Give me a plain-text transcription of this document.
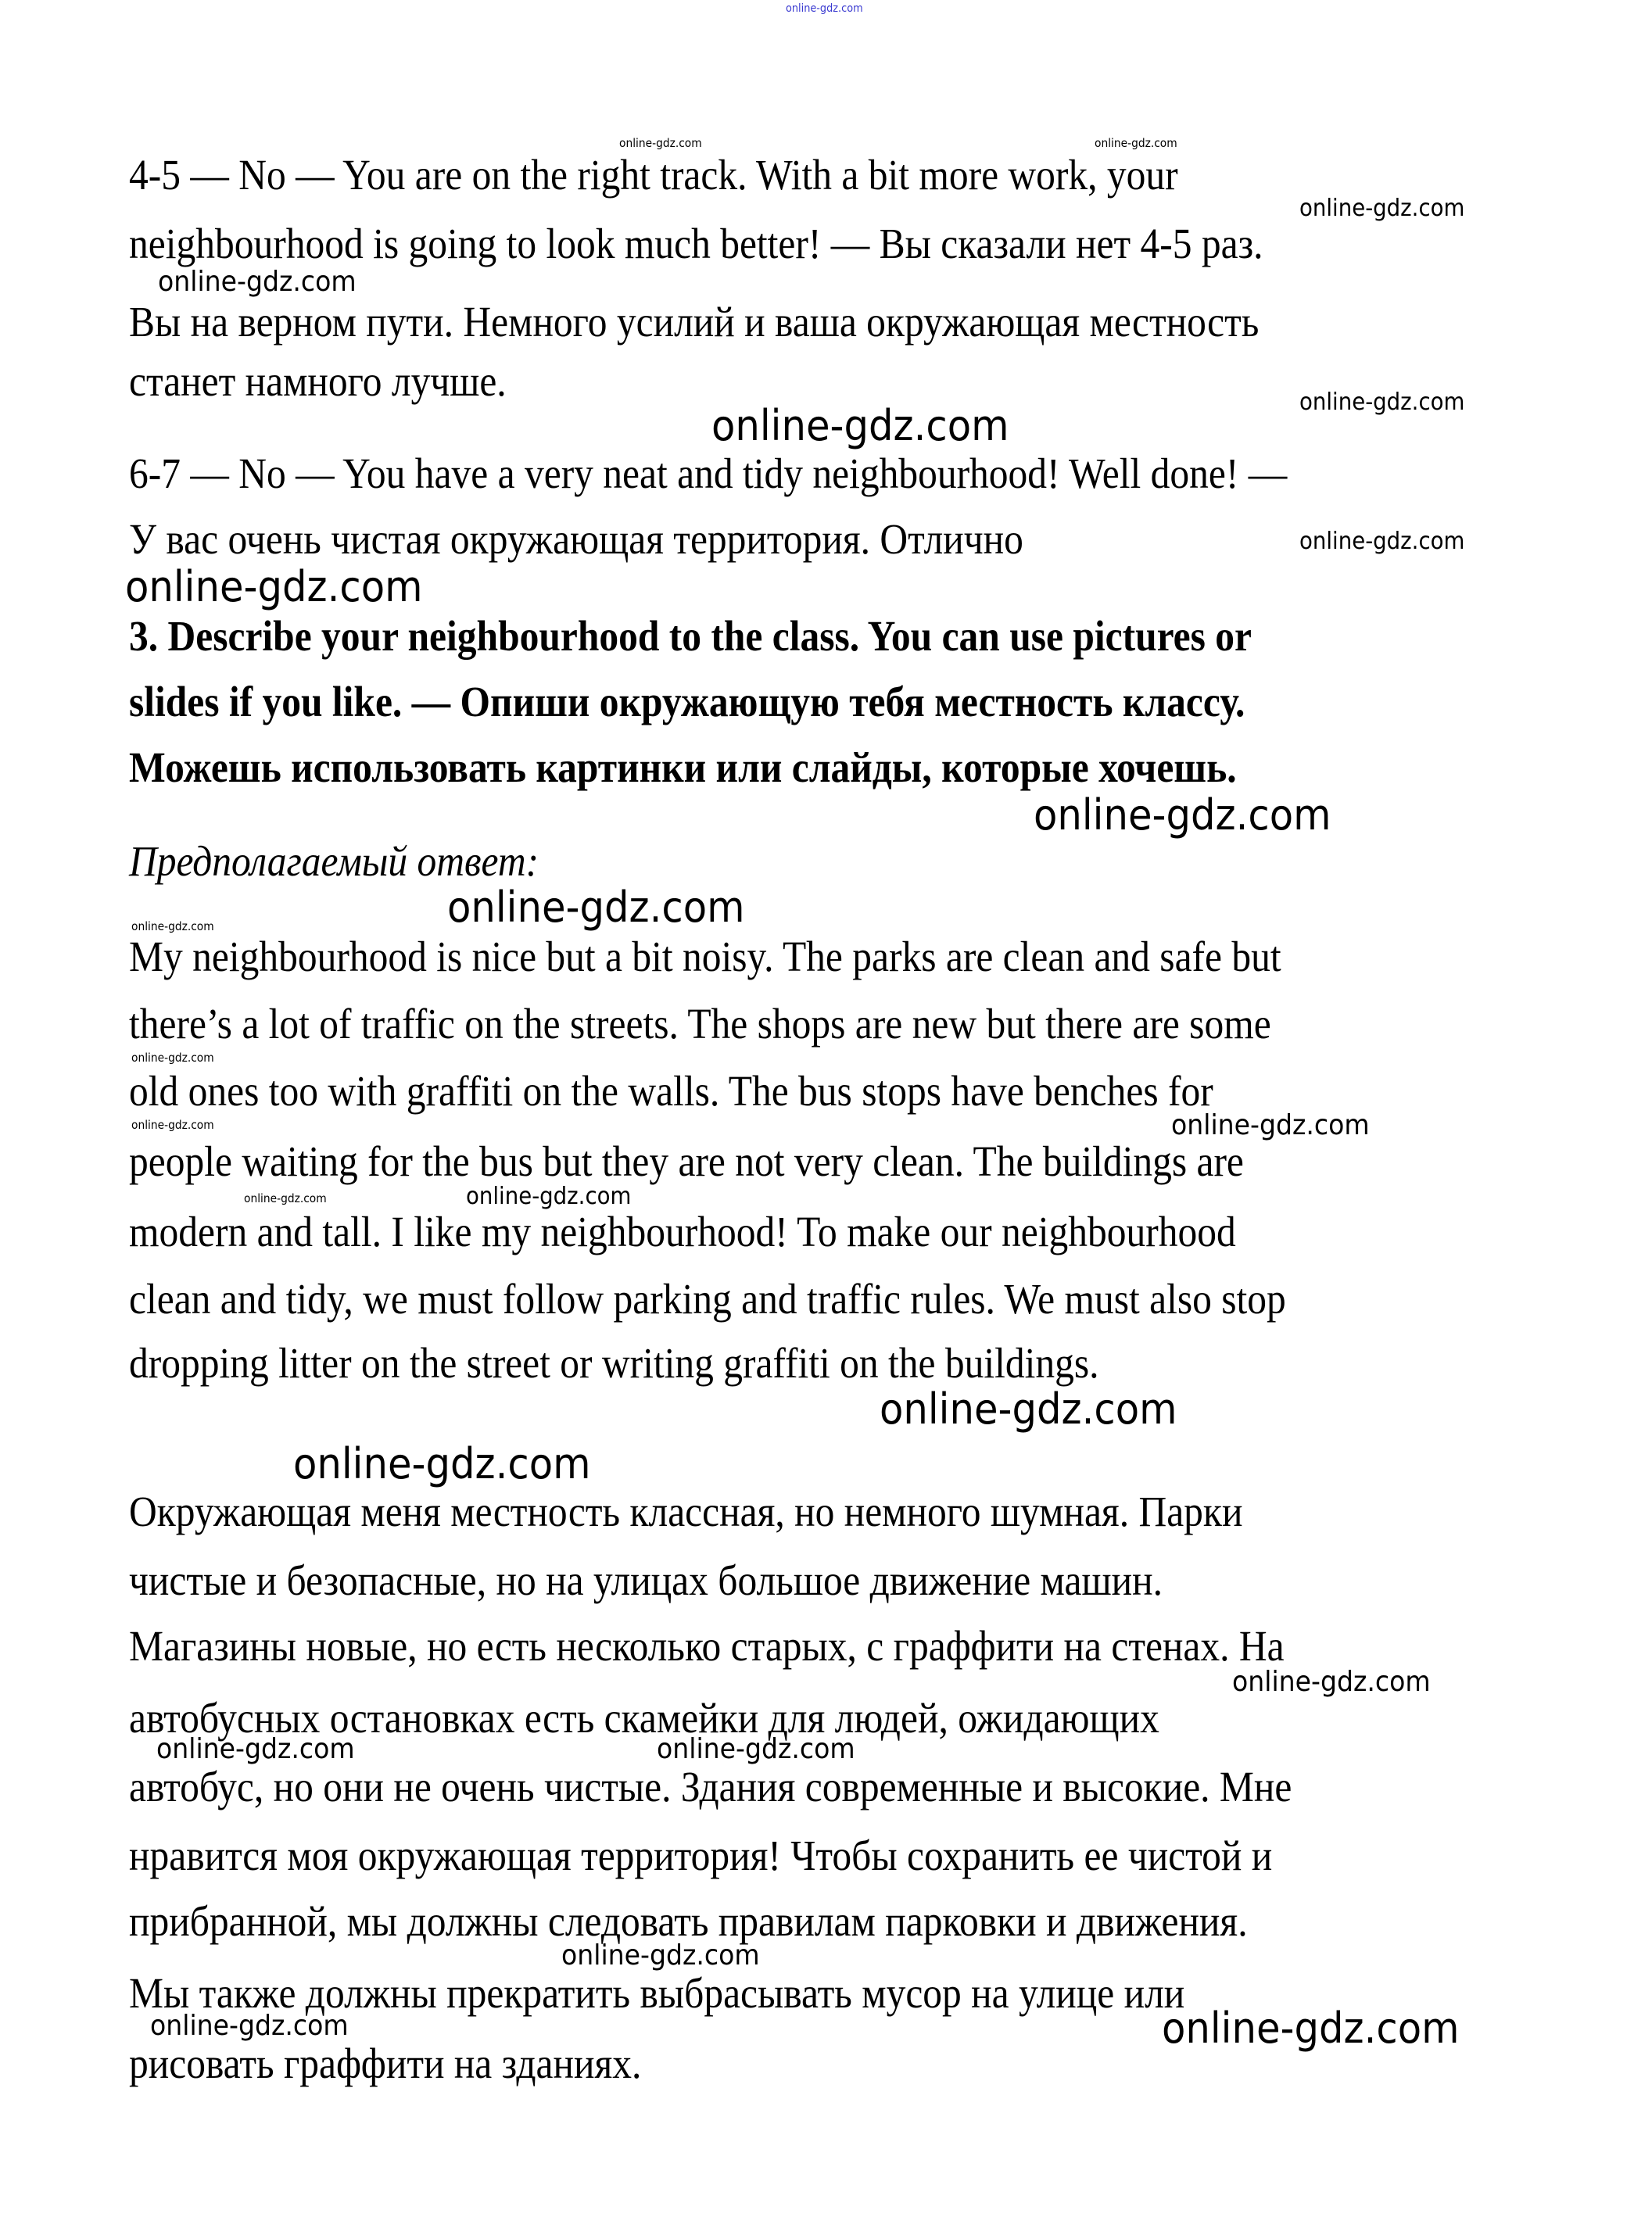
online-gdz.com
4-5 — No — You are on the right track. With a bit more work, your
neighbourhood is going to look much better! — Вы сказали нет 4-5 раз.
Вы на верном пути. Немного усилий и ваша окружающая местность
станет намного лучше.
6-7 — No — You have a very neat and tidy neighbourhood! Well done! —
У вас очень чистая окружающая территория. Отлично
3. Describe your neighbourhood to the class. You can use pictures or
slides if you like. — Опиши окружающую тебя местность классу.
Можешь использовать картинки или слайды, которые хочешь.
Предполагаемый ответ:
My neighbourhood is nice but a bit noisy. The parks are clean and safe but
there’s a lot of traffic on the streets. The shops are new but there are some
old ones too with graffiti on the walls. The bus stops have benches for
people waiting for the bus but they are not very clean. The buildings are
modern and tall. I like my neighbourhood! To make our neighbourhood
clean and tidy, we must follow parking and traffic rules. We must also stop
dropping litter on the street or writing graffiti on the buildings.
Окружающая меня местность классная, но немного шумная. Парки
чистые и безопасные, но на улицах большое движение машин.
Магазины новые, но есть несколько старых, с граффити на стенах. На
автобусных остановках есть скамейки для людей, ожидающих
автобус, но они не очень чистые. Здания современные и высокие. Мне
нравится моя окружающая территория! Чтобы сохранить ее чистой и
прибранной, мы должны следовать правилам парковки и движения.
Мы также должны прекратить выбрасывать мусор на улице или
рисовать граффити на зданиях.
online-gdz.com	online-gdz.com
online-gdz.com
online-gdz.com
online-gdz.com
online-gdz.com
online-gdz.com
online-gdz.com
online-gdz.com
online-gdz.com
online-gdz.com
online-gdz.com
online-gdz.com	online-gdz.com
online-gdz.com	online-gdz.com
online-gdz.com
online-gdz.com
online-gdz.com
online-gdz.com	online-gdz.com
online-gdz.com
online-gdz.com	online-gdz.com
